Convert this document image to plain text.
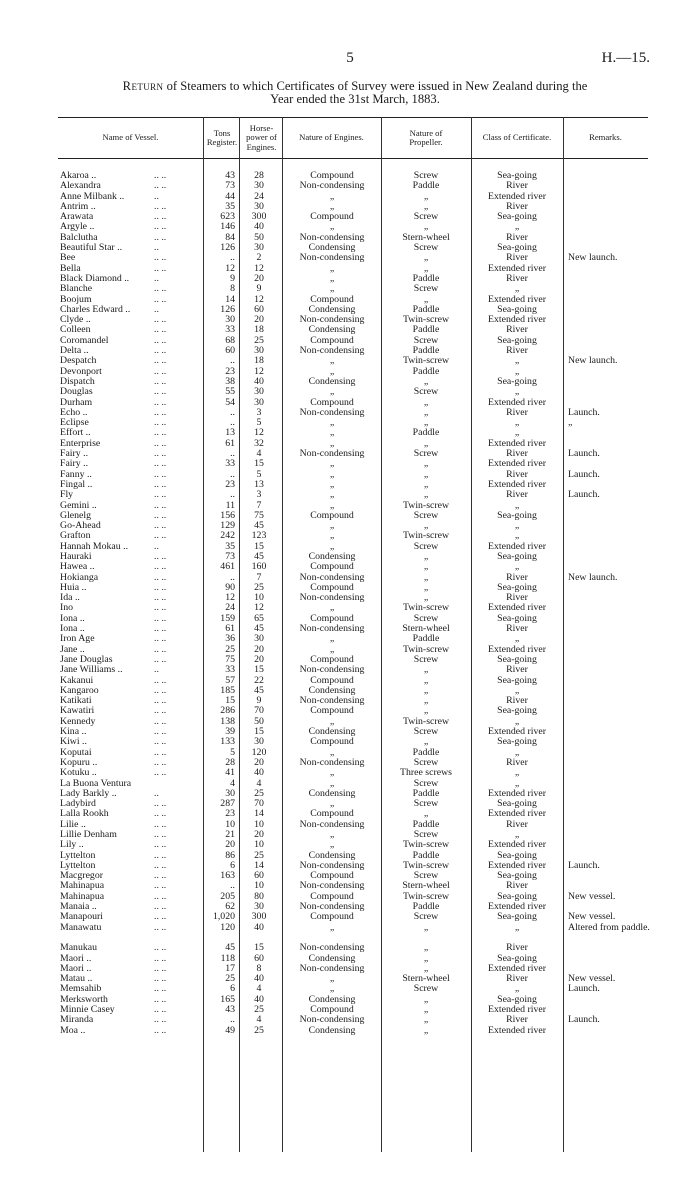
5	H.—15.
Return of Steamers to which Certificates of Survey were issued in New Zealand during the
Year ended the 31st March, 1883.
Name of Vessel.	Tons Register.
Horse-power of Engines.
Nature of Engines.	Nature of Propeller.	Class of Certificate.	Remarks.
Akaroa ..	.. ..	43	28	Compound	Screw	Sea-going
Alexandra	.. ..	73	30	Non-condensing	Paddle	River
Anne Milbank ..	..	44	24	„	„	Extended river
Antrim ..	.. ..	35	30	„	„	River
Arawata	.. ..	623	300	Compound	Screw	Sea-going
Argyle ..	.. ..	146	40	„	„	„
Balclutha	.. ..	84	50	Non-condensing	Stern-wheel	River
Beautiful Star ..	..	126	30	Condensing	Screw	Sea-going
Bee	.. ..	..	2	Non-condensing	„	River	New launch.
Bella	.. ..	12	12	„	„	Extended river
Black Diamond ..	..	9	20	„	Paddle	River
Blanche	.. ..	8	9	„	Screw	„
Boojum	.. ..	14	12	Compound	„	Extended river
Charles Edward ..	..	126	60	Condensing	Paddle	Sea-going
Clyde ..	.. ..	30	20	Non-condensing	Twin-screw	Extended river
Colleen	.. ..	33	18	Condensing	Paddle	River
Coromandel	.. ..	68	25	Compound	Screw	Sea-going
Delta ..	.. ..	60	30	Non-condensing	Paddle	River
Despatch	.. ..	..	18	„	Twin-screw	„	New launch.
Devonport	.. ..	23	12	„	Paddle	„
Dispatch	.. ..	38	40	Condensing	„	Sea-going
Douglas	.. ..	55	30	„	Screw	„
Durham	.. ..	54	30	Compound	„	Extended river
Echo ..	.. ..	..	3	Non-condensing	„	River	Launch.
Eclipse	.. ..	..	5	„	„	„	„
Effort ..	.. ..	13	12	„	Paddle	„
Enterprise	.. ..	61	32	„	„	Extended river
Fairy ..	.. ..	..	4	Non-condensing	Screw	River	Launch.
Fairy ..	.. ..	33	15	„	„	Extended river
Fanny ..	.. ..	..	5	„	„	River	Launch.
Fingal ..	.. ..	23	13	„	„	Extended river
Fly	.. ..	..	3	„	„	River	Launch.
Gemini ..	.. ..	11	7	„	Twin-screw	„
Glenelg	.. ..	156	75	Compound	Screw	Sea-going
Go-Ahead	.. ..	129	45	„	„	„
Grafton	.. ..	242	123	„	Twin-screw	„
Hannah Mokau ..	..	35	15	„	Screw	Extended river
Hauraki	.. ..	73	45	Condensing	„	Sea-going
Hawea ..	.. ..	461	160	Compound	„	„
Hokianga	.. ..	..	7	Non-condensing	„	River	New launch.
Huia ..	.. ..	90	25	Compound	„	Sea-going
Ida ..	.. ..	12	10	Non-condensing	„	River
Ino	.. ..	24	12	„	Twin-screw	Extended river
Iona ..	.. ..	159	65	Compound	Screw	Sea-going
Iona ..	.. ..	61	45	Non-condensing	Stern-wheel	River
Iron Age	.. ..	36	30	„	Paddle	„
Jane ..	.. ..	25	20	„	Twin-screw	Extended river
Jane Douglas	.. ..	75	20	Compound	Screw	Sea-going
Jane Williams ..	..	33	15	Non-condensing	„	River
Kakanui	.. ..	57	22	Compound	„	Sea-going
Kangaroo	.. ..	185	45	Condensing	„	„
Katikati	.. ..	15	9	Non-condensing	„	River
Kawatiri	.. ..	286	70	Compound	„	Sea-going
Kennedy	.. ..	138	50	„	Twin-screw	„
Kina ..	.. ..	39	15	Condensing	Screw	Extended river
Kiwi ..	.. ..	133	30	Compound	„	Sea-going
Koputai	.. ..	5	120	„	Paddle	„
Kopuru ..	.. ..	28	20	Non-condensing	Screw	River
Kotuku ..	.. ..	41	40	„	Three screws	„
La Buona Ventura	4	4	„	Screw	„
Lady Barkly ..	..	30	25	Condensing	Paddle	Extended river
Ladybird	.. ..	287	70	„	Screw	Sea-going
Lalla Rookh	.. ..	23	14	Compound	„	Extended river
Lilie ..	.. ..	10	10	Non-condensing	Paddle	River
Lillie Denham	.. ..	21	20	„	Screw	„
Lily ..	.. ..	20	10	„	Twin-screw	Extended river
Lyttelton	.. ..	86	25	Condensing	Paddle	Sea-going
Lyttelton	.. ..	6	14	Non-condensing	Twin-screw	Extended river	Launch.
Macgregor	.. ..	163	60	Compound	Screw	Sea-going
Mahinapua	.. ..	..	10	Non-condensing	Stern-wheel	River
Mahinapua	.. ..	205	80	Compound	Twin-screw	Sea-going	New vessel.
Manaia ..	.. ..	62	30	Non-condensing	Paddle	Extended river
Manapouri	.. ..	1,020	300	Compound	Screw	Sea-going	New vessel.
Manawatu	.. ..	120	40	„	„	„	Altered from paddle.
Manukau	.. ..	45	15	Non-condensing	„	River
Maori ..	.. ..	118	60	Condensing	„	Sea-going
Maori ..	.. ..	17	8	Non-condensing	„	Extended river
Matau ..	.. ..	25	40	„	Stern-wheel	River	New vessel.
Memsahib	.. ..	6	4	„	Screw	„	Launch.
Merksworth	.. ..	165	40	Condensing	„	Sea-going
Minnie Casey	.. ..	43	25	Compound	„	Extended river
Miranda	.. ..	..	4	Non-condensing	„	River	Launch.
Moa ..	.. ..	49	25	Condensing	„	Extended river
